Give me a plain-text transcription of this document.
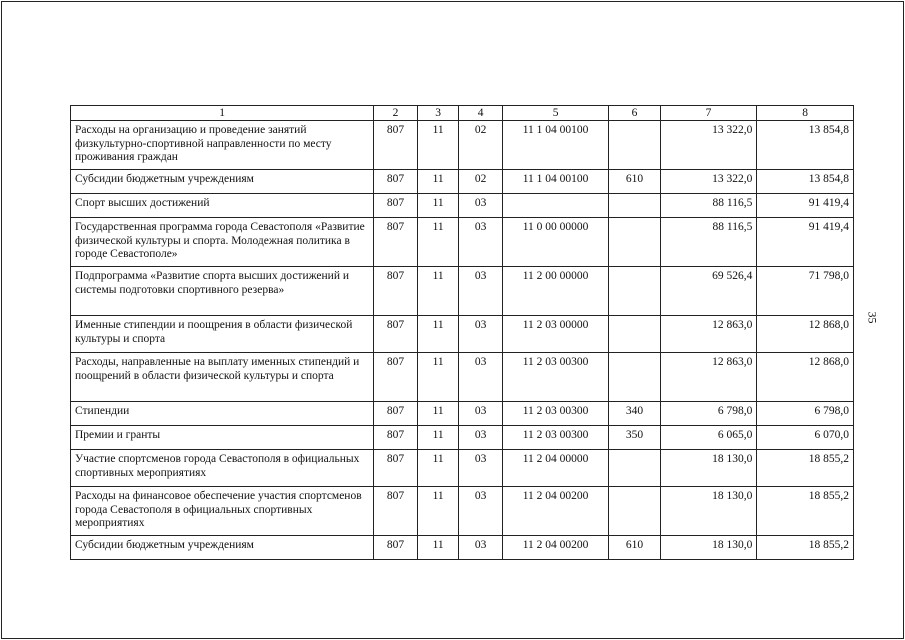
35
1	2	3	4	5	6	7	8
Расходы на организацию и проведение занятий физкультурно-спортивной направленности по месту проживания граждан	807	11	02	11 1 04 00100		13 322,0	13 854,8
Субсидии бюджетным учреждениям	807	11	02	11 1 04 00100	610	13 322,0	13 854,8
Спорт высших достижений	807	11	03			88 116,5	91 419,4
Государственная программа города Севастополя «Развитие физической культуры и спорта. Молодежная политика в городе Севастополе»	807	11	03	11 0 00 00000		88 116,5	91 419,4
Подпрограмма «Развитие спорта высших достижений и системы подготовки спортивного резерва»	807	11	03	11 2 00 00000		69 526,4	71 798,0
Именные стипендии и поощрения в области физической культуры и спорта	807	11	03	11 2 03 00000		12 863,0	12 868,0
Расходы, направленные на выплату именных стипендий и поощрений в области физической культуры и спорта	807	11	03	11 2 03 00300		12 863,0	12 868,0
Стипендии	807	11	03	11 2 03 00300	340	6 798,0	6 798,0
Премии и гранты	807	11	03	11 2 03 00300	350	6 065,0	6 070,0
Участие спортсменов города Севастополя в официальных спортивных мероприятиях	807	11	03	11 2 04 00000		18 130,0	18 855,2
Расходы на финансовое обеспечение участия спортсменов города Севастополя в официальных спортивных мероприятиях	807	11	03	11 2 04 00200		18 130,0	18 855,2
Субсидии бюджетным учреждениям	807	11	03	11 2 04 00200	610	18 130,0	18 855,2
